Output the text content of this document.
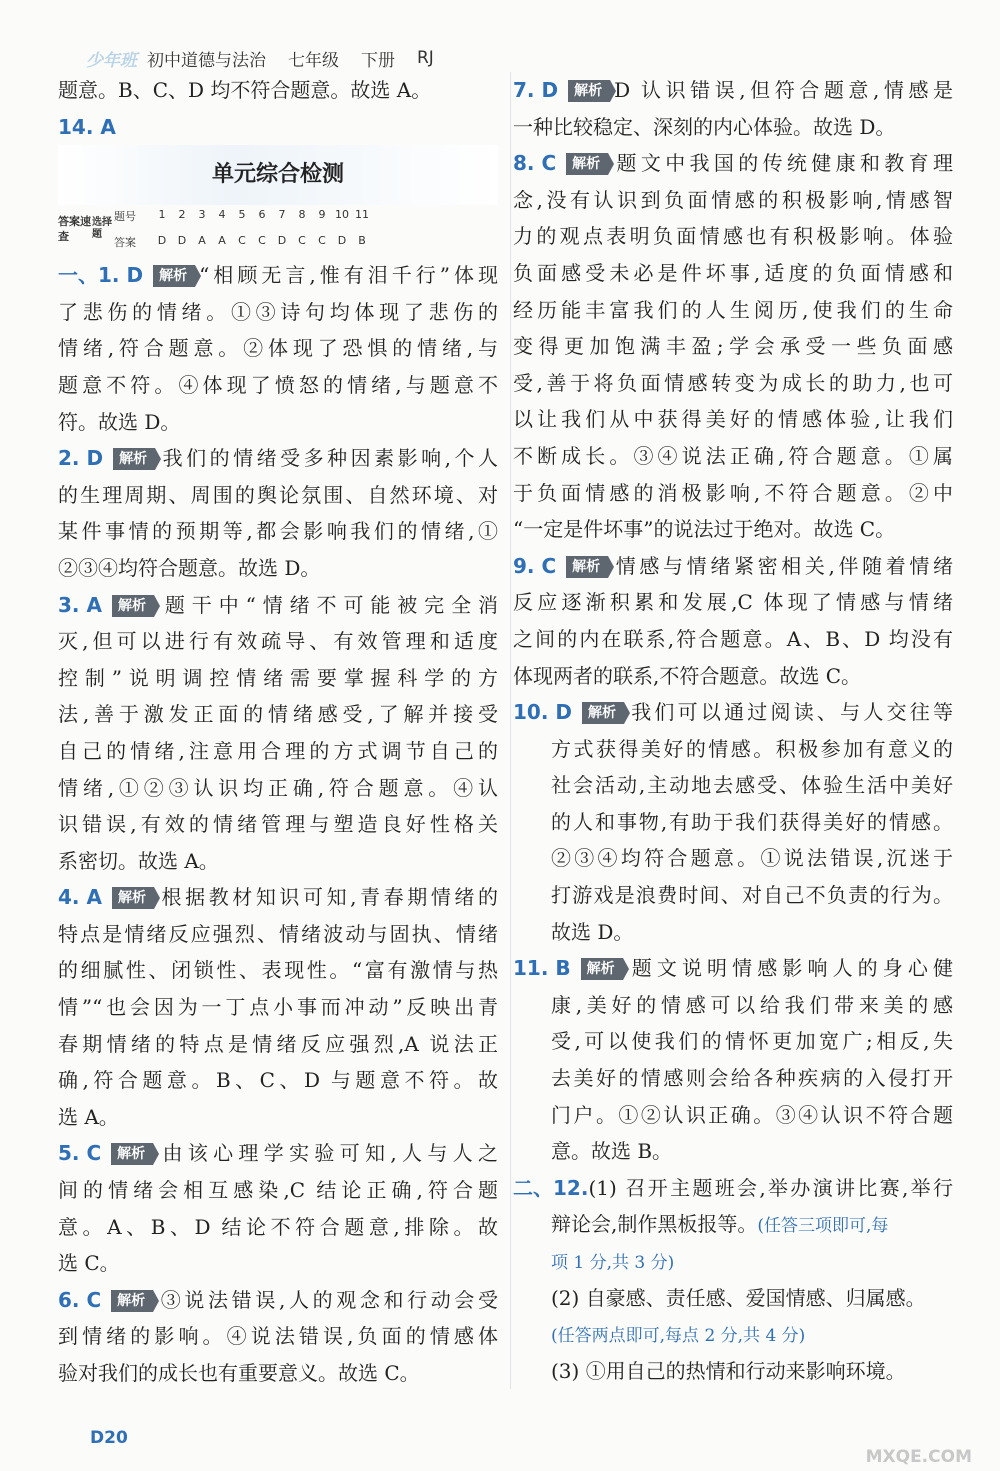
少年班 初中道德与法治 七年级 下册 RJ
题意。B、C、D 均不符合题意。故选 A。
14. A
单元综合检测
答案速查
选择题
题号	1	2	3	4	5	6	7	8	9 10 11
答案	D	D	A	A	C	C	D	C	C	D	B
一、1. D 解析 “相顾无言,惟有泪千行”体现
了悲伤的情绪。①③诗句均体现了悲伤的
情绪,符合题意。②体现了恐惧的情绪,与
题意不符。④体现了愤怒的情绪,与题意不
符。故选 D。
2. D 解析 我们的情绪受多种因素影响,个人
的生理周期、周围的舆论氛围、自然环境、对
某件事情的预期等,都会影响我们的情绪,①
②③④均符合题意。故选 D。
3. A 解析 题干中“情绪不可能被完全消
灭,但可以进行有效疏导、有效管理和适度
控制”说明调控情绪需要掌握科学的方
法,善于激发正面的情绪感受,了解并接受
自己的情绪,注意用合理的方式调节自己的
情绪,①②③认识均正确,符合题意。④认
识错误,有效的情绪管理与塑造良好性格关
系密切。故选 A。
4. A 解析 根据教材知识可知,青春期情绪的
特点是情绪反应强烈、情绪波动与固执、情绪
的细腻性、闭锁性、表现性。“富有激情与热
情”“也会因为一丁点小事而冲动”反映出青
春期情绪的特点是情绪反应强烈,A 说法正
确,符合题意。B、C、D 与题意不符。故
选 A。
5. C 解析 由该心理学实验可知,人与人之
间的情绪会相互感染,C 结论正确,符合题
意。A、B、D 结论不符合题意,排除。故
选 C。
6. C 解析 ③说法错误,人的观念和行动会受
到情绪的影响。④说法错误,负面的情感体
验对我们的成长也有重要意义。故选 C。
7. D 解析 D 认识错误,但符合题意,情感是
一种比较稳定、深刻的内心体验。故选 D。
8. C 解析 题文中我国的传统健康和教育理
念,没有认识到负面情感的积极影响,情感智
力的观点表明负面情感也有积极影响。体验
负面感受未必是件坏事,适度的负面情感和
经历能丰富我们的人生阅历,使我们的生命
变得更加饱满丰盈;学会承受一些负面感
受,善于将负面情感转变为成长的助力,也可
以让我们从中获得美好的情感体验,让我们
不断成长。③④说法正确,符合题意。①属
于负面情感的消极影响,不符合题意。②中
“一定是件坏事”的说法过于绝对。故选 C。
9. C 解析 情感与情绪紧密相关,伴随着情绪
反应逐渐积累和发展,C 体现了情感与情绪
之间的内在联系,符合题意。A、B、D 均没有
体现两者的联系,不符合题意。故选 C。
10. D 解析 我们可以通过阅读、与人交往等
方式获得美好的情感。积极参加有意义的
社会活动,主动地去感受、体验生活中美好
的人和事物,有助于我们获得美好的情感。
②③④均符合题意。①说法错误,沉迷于
打游戏是浪费时间、对自己不负责的行为。
故选 D。
11. B 解析 题文说明情感影响人的身心健
康,美好的情感可以给我们带来美的感
受,可以使我们的情怀更加宽广;相反,失
去美好的情感则会给各种疾病的入侵打开
门户。①②认识正确。③④认识不符合题
意。故选 B。
二、12.(1) 召开主题班会,举办演讲比赛,举行
辩论会,制作黑板报等。(任答三项即可,每
项 1 分,共 3 分)
(2) 自豪感、责任感、爱国情感、归属感。
(任答两点即可,每点 2 分,共 4 分)
(3) ①用自己的热情和行动来影响环境。
D20
MXQE.COM
